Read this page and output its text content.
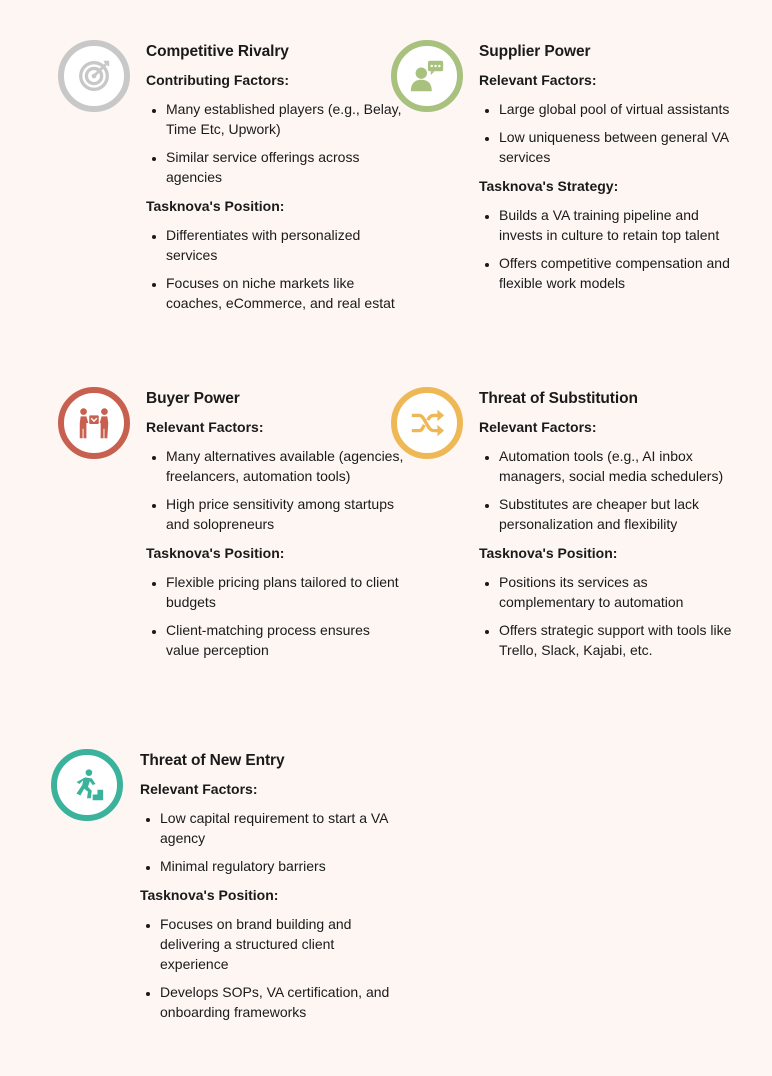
Competitive Rivalry
Contributing Factors:
• Many established players (e.g., Belay, Time Etc, Upwork)
• Similar service offerings across agencies
Tasknova's Position:
• Differentiates with personalized services
• Focuses on niche markets like coaches, eCommerce, and real estat
Supplier Power
Relevant Factors:
• Large global pool of virtual assistants
• Low uniqueness between general VA services
Tasknova's Strategy:
• Builds a VA training pipeline and invests in culture to retain top talent
• Offers competitive compensation and flexible work models
Buyer Power
Relevant Factors:
• Many alternatives available (agencies, freelancers, automation tools)
• High price sensitivity among startups and solopreneurs
Tasknova's Position:
• Flexible pricing plans tailored to client budgets
• Client-matching process ensures value perception
Threat of Substitution
Relevant Factors:
• Automation tools (e.g., AI inbox managers, social media schedulers)
• Substitutes are cheaper but lack personalization and flexibility
Tasknova's Position:
• Positions its services as complementary to automation
• Offers strategic support with tools like Trello, Slack, Kajabi, etc.
Threat of New Entry
Relevant Factors:
• Low capital requirement to start a VA agency
• Minimal regulatory barriers
Tasknova's Position:
• Focuses on brand building and delivering a structured client experience
• Develops SOPs, VA certification, and onboarding frameworks
